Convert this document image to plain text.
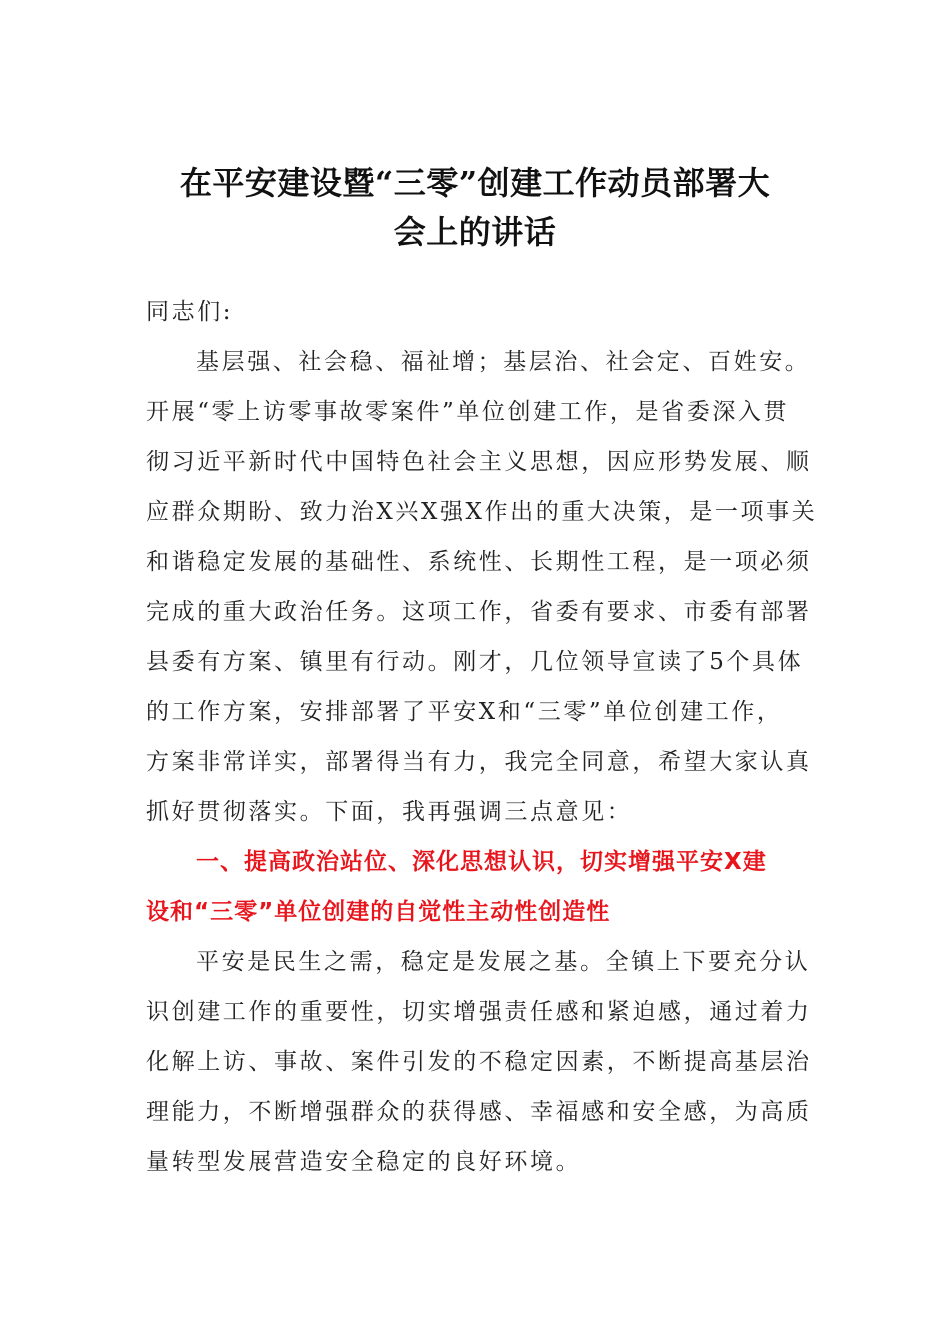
在平安建设暨“三零”创建工作动员部署大
会上的讲话
同志们:
基层强、社会稳、福祉增；基层治、社会定、百姓安。
开展“零上访零事故零案件”单位创建工作，是省委深入贯
彻习近平新时代中国特色社会主义思想，因应形势发展、顺
应群众期盼、致力治X兴X强X作出的重大决策，是一项事关
和谐稳定发展的基础性、系统性、长期性工程，是一项必须
完成的重大政治任务。这项工作，省委有要求、市委有部署
县委有方案、镇里有行动。刚才，几位领导宣读了5个具体
的工作方案，安排部署了平安X和“三零”单位创建工作，
方案非常详实，部署得当有力，我完全同意，希望大家认真
抓好贯彻落实。下面，我再强调三点意见：
一、提高政治站位、深化思想认识，切实增强平安X建
设和“三零”单位创建的自觉性主动性创造性
平安是民生之需，稳定是发展之基。全镇上下要充分认
识创建工作的重要性，切实增强责任感和紧迫感，通过着力
化解上访、事故、案件引发的不稳定因素，不断提高基层治
理能力，不断增强群众的获得感、幸福感和安全感，为高质
量转型发展营造安全稳定的良好环境。
